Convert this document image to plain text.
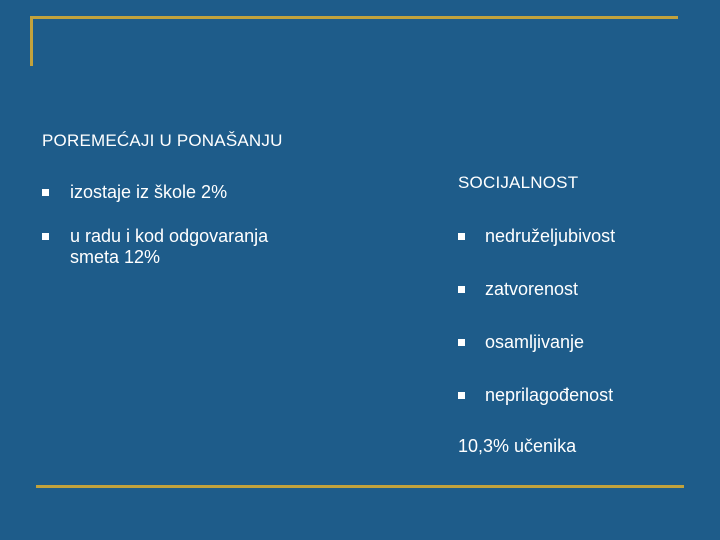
POREMEĆAJI U PONAŠANJU
izostaje iz škole 2%
u radu i kod odgovaranja smeta 12%
SOCIJALNOST
nedruželjubivost
zatvorenost
osamljivanje
neprilagođenost
10,3% učenika
